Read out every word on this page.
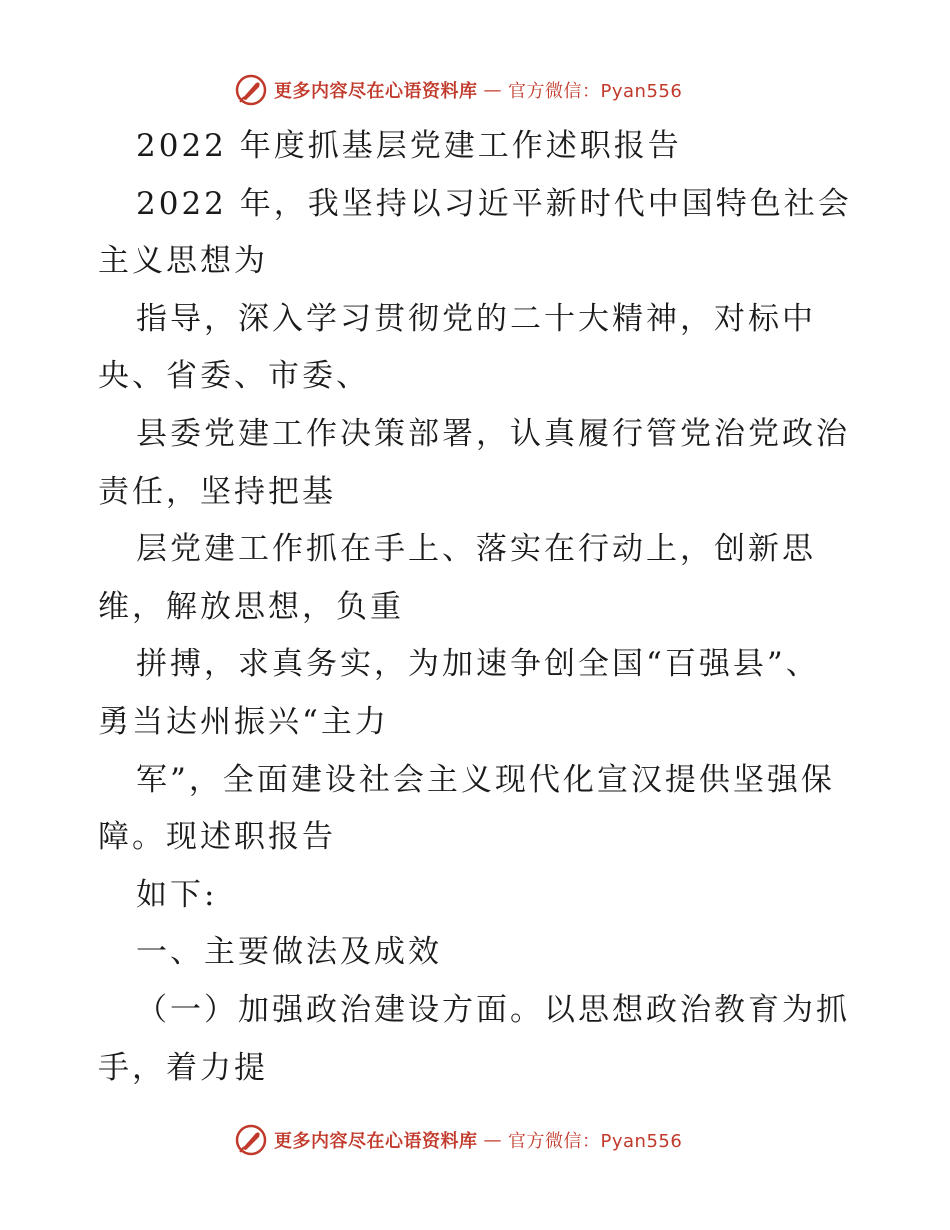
更多内容尽在心语资料库 — 官方微信：Pyan556
2022 年度抓基层党建工作述职报告
2022 年，我坚持以习近平新时代中国特色社会
主义思想为
指导，深入学习贯彻党的二十大精神，对标中
央、省委、市委、
县委党建工作决策部署，认真履行管党治党政治
责任，坚持把基
层党建工作抓在手上、落实在行动上，创新思
维，解放思想，负重
拼搏，求真务实，为加速争创全国“百强县”、
勇当达州振兴“主力
军”，全面建设社会主义现代化宣汉提供坚强保
障。现述职报告
如下:
一、主要做法及成效
（一）加强政治建设方面。以思想政治教育为抓
手，着力提
更多内容尽在心语资料库 — 官方微信：Pyan556
